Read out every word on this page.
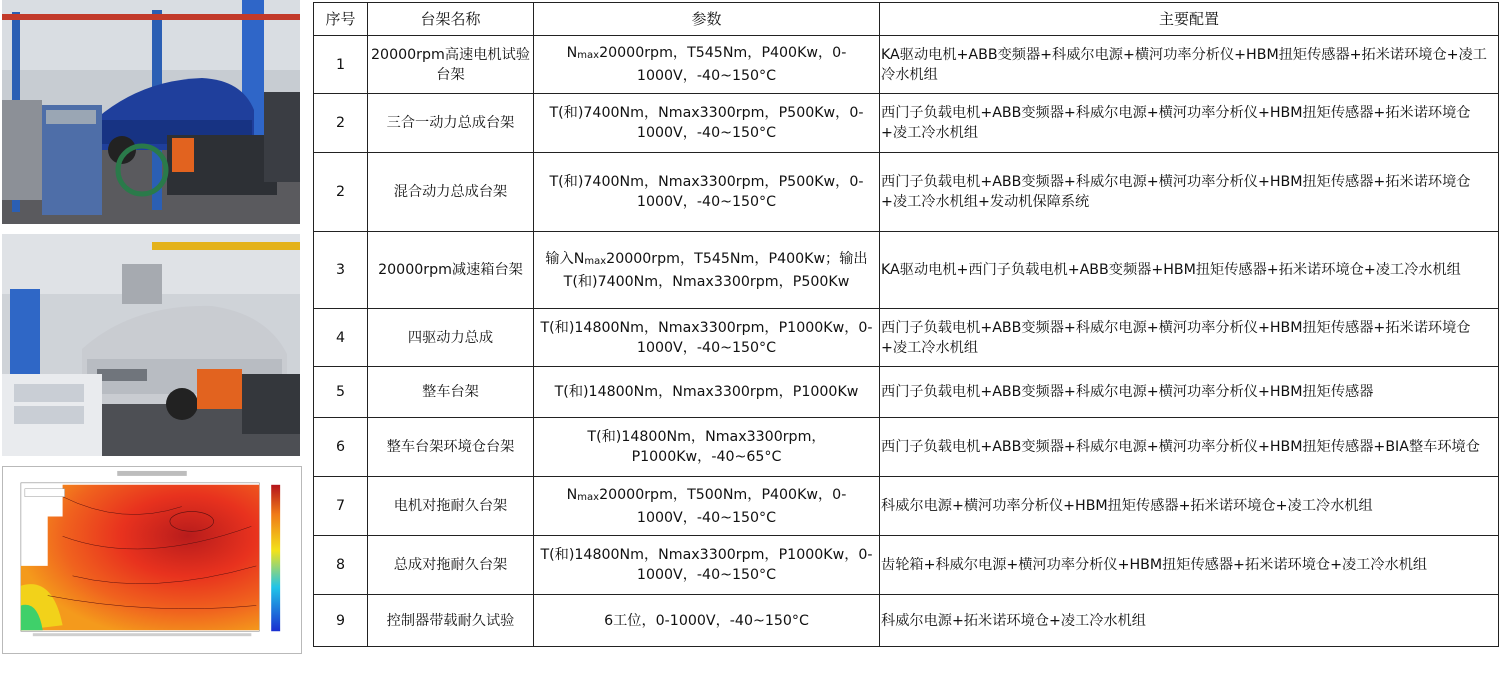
序号	台架名称	参数	主要配置
1	20000rpm高速电机试验台架	$N_{max}20000rpm$，T545Nm，P400Kw，0-1000V，-40~150°C	KA驱动电机+ABB变频器+科威尔电源+横河功率分析仪+HBM扭矩传感器+拓米诺环境仓+凌工冷水机组
2	三合一动力总成台架	T(和)7400Nm，Nmax3300rpm，P500Kw，0-1000V，-40~150°C	西门子负载电机+ABB变频器+科威尔电源+横河功率分析仪+HBM扭矩传感器+拓米诺环境仓+凌工冷水机组
2	混合动力总成台架	T(和)7400Nm，Nmax3300rpm，P500Kw，0-1000V，-40~150°C	西门子负载电机+ABB变频器+科威尔电源+横河功率分析仪+HBM扭矩传感器+拓米诺环境仓+凌工冷水机组+发动机保障系统
3	20000rpm减速箱台架	输入$N_{max}20000rpm$，T545Nm，P400Kw；输出T(和)7400Nm，Nmax3300rpm，P500Kw	KA驱动电机+西门子负载电机+ABB变频器+HBM扭矩传感器+拓米诺环境仓+凌工冷水机组
4	四驱动力总成	T(和)14800Nm，Nmax3300rpm，P1000Kw，0-1000V，-40~150°C	西门子负载电机+ABB变频器+科威尔电源+横河功率分析仪+HBM扭矩传感器+拓米诺环境仓+凌工冷水机组
5	整车台架	T(和)14800Nm，Nmax3300rpm，P1000Kw	西门子负载电机+ABB变频器+科威尔电源+横河功率分析仪+HBM扭矩传感器
6	整车台架环境仓台架	T(和)14800Nm，Nmax3300rpm，P1000Kw，-40~65°C	西门子负载电机+ABB变频器+科威尔电源+横河功率分析仪+HBM扭矩传感器+BIA整车环境仓
7	电机对拖耐久台架	$N_{max}20000rpm$，T500Nm，P400Kw，0-1000V，-40~150°C	科威尔电源+横河功率分析仪+HBM扭矩传感器+拓米诺环境仓+凌工冷水机组
8	总成对拖耐久台架	T(和)14800Nm，Nmax3300rpm，P1000Kw，0-1000V，-40~150°C	齿轮箱+科威尔电源+横河功率分析仪+HBM扭矩传感器+拓米诺环境仓+凌工冷水机组
9	控制器带载耐久试验	6工位，0-1000V，-40~150°C	科威尔电源+拓米诺环境仓+凌工冷水机组
